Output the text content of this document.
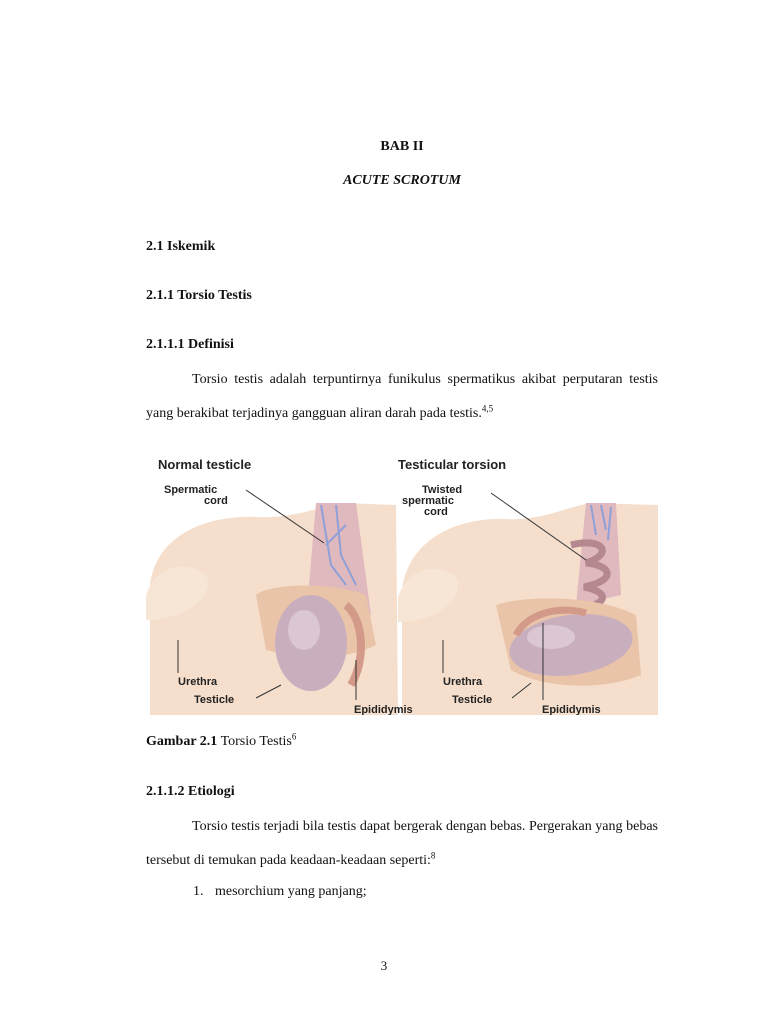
BAB II
ACUTE SCROTUM
2.1 Iskemik
2.1.1 Torsio Testis
2.1.1.1 Definisi

Torsio testis adalah terpuntirnya funikulus spermatikus akibat perputaran testis yang berakibat terjadinya gangguan aliran darah pada testis.$^{4,5}$

Normal testicle	Testicular torsion
Spermatic
cord
Urethra
Testicle
Epididymis
Twisted
spermatic
cord
Urethra
Testicle
Epididymis
Gambar 2.1 Torsio Testis$^6$
2.1.1.2 Etiologi

Torsio testis terjadi bila testis dapat bergerak dengan bebas. Pergerakan yang bebas tersebut di temukan pada keadaan-keadaan seperti:$^8$

1. mesorchium yang panjang;
3
